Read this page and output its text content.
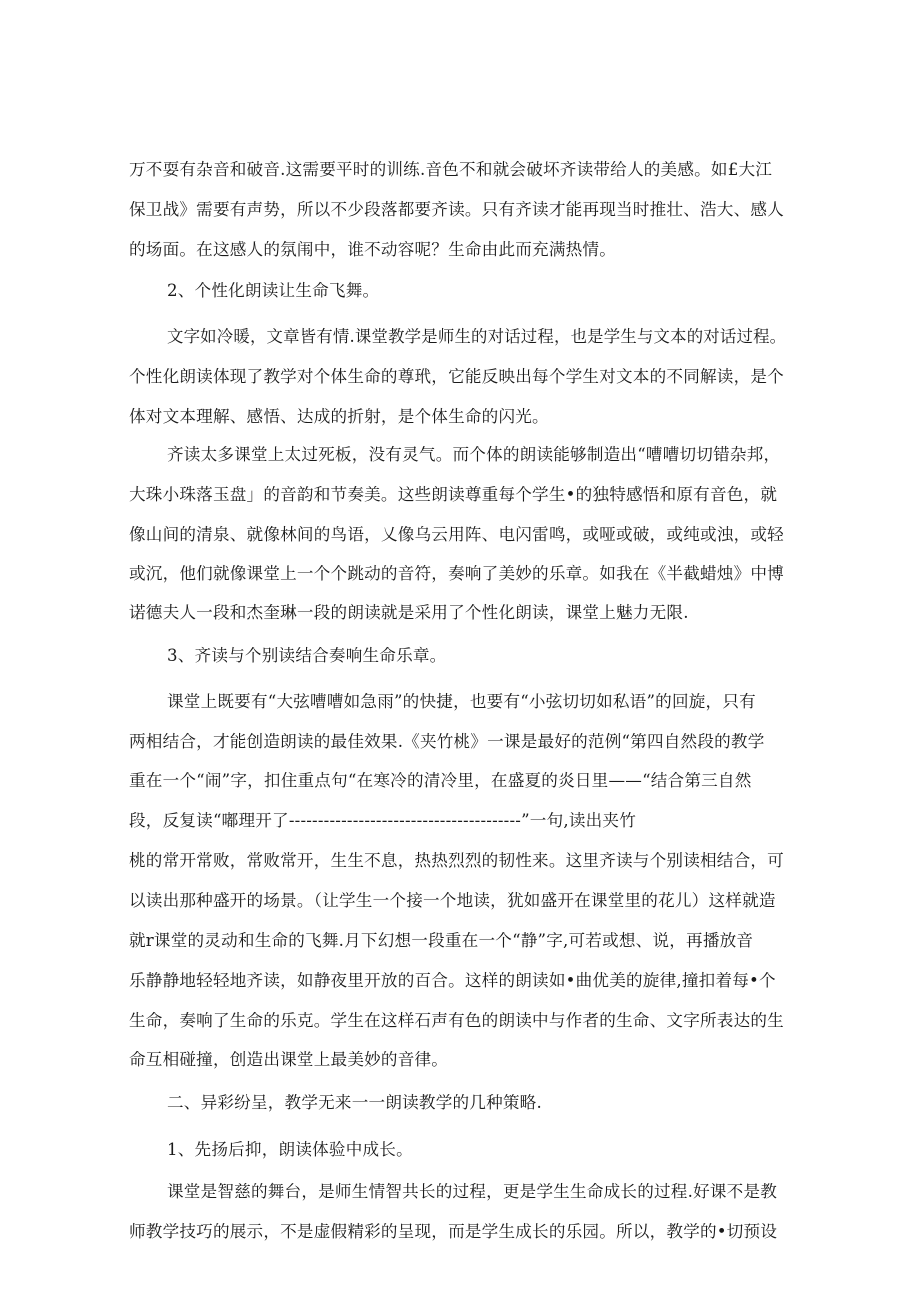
万不耍有杂音和破音.这需要平时的训练.音色不和就会破坏齐读带给人的美感。如£大江
保卫战》需要有声势，所以不少段落都要齐读。只有齐读才能再现当时推壮、浩大、感人
的场面。在这感人的氛闱中，谁不动容呢？生命由此而充满热情。
2、个性化朗读让生命飞舞。
文字如冷暖，文章皆有情.课堂教学是师生的对话过程，也是学生与文本的对话过程。
个性化朗读体现了教学对个体生命的尊玳，它能反映出每个学生对文本的不同解读，是个
体对文本理解、感悟、达成的折射，是个体生命的闪光。
齐读太多课堂上太过死板，没有灵气。而个体的朗读能够制造出“嘈嘈切切错杂邦，
大珠小珠落玉盘」的音韵和节奏美。这些朗读尊重每个学生•的独特感悟和原有音色，就
像山间的清泉、就像林间的鸟语，乂像乌云用阵、电闪雷鸣，或哑或破，或纯或浊，或轻
或沉，他们就像课堂上一个个跳动的音符，奏响了美妙的乐章。如我在《半截蜡烛》中博
诺德夫人一段和杰奎琳一段的朗读就是采用了个性化朗读，课堂上魅力无限.
3、齐读与个别读结合奏响生命乐章。
课堂上既要有“大弦嘈嘈如急雨”的快捷，也要有“小弦切切如私语”的回旋，只有
两相结合，才能创造朗读的最佳效果.《夹竹桃》一课是最好的范例“第四自然段的教学
重在一个“闹”字，扣住重点句“在寒冷的清冷里，在盛夏的炎日里——“结合第三自然
段，反复读“嘟理开了----------------------------------------”一句,读出夹竹
桃的常开常败，常败常开，生生不息，热热烈烈的韧性来。这里齐读与个别读相结合，可
以读出那种盛开的场景。（让学生一个接一个地读，犹如盛开在课堂里的花儿）这样就造
就r课堂的灵动和生命的飞舞.月下幻想一段重在一个“静”字,可若或想、说，再播放音
乐静静地轻轻地齐读，如静夜里开放的百合。这样的朗读如•曲优美的旋律,撞扣着每•个
生命，奏响了生命的乐克。学生在这样石声有色的朗读中与作者的生命、文字所表达的生
命互相碰撞，创造出课堂上最美妙的音律。
二、异彩纷呈，教学无来一一朗读教学的几种策略.
1、先扬后抑，朗读体验中成长。
课堂是智慈的舞台，是师生情智共长的过程，更是学生生命成长的过程.好课不是教
师教学技巧的展示，不是虚假精彩的呈现，而是学生成长的乐园。所以，教学的•切预设
